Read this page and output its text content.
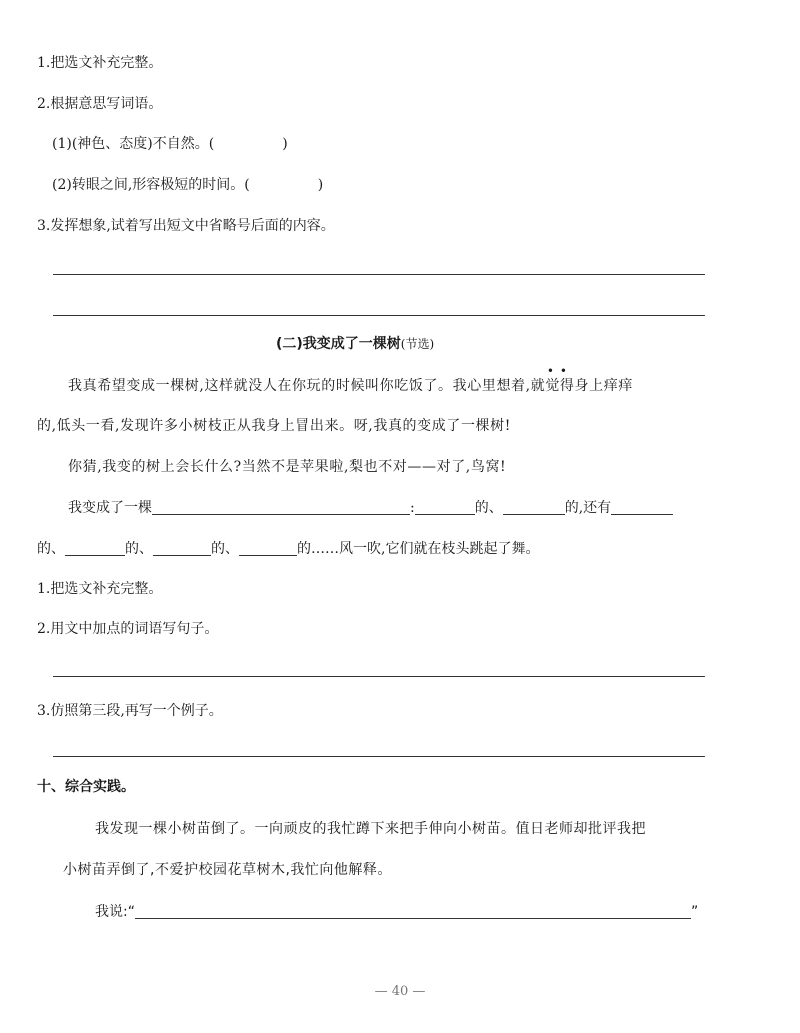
1.把选文补充完整。
2.根据意思写词语。
(1)(神色、态度)不自然。(	)
(2)转眼之间,形容极短的时间。(	)
3.发挥想象,试着写出短文中省略号后面的内容。
(二)我变成了一棵树(节选)
我真希望变成一棵树,这样就没人在你玩的时候叫你吃饭了。我心里想着,就
••
觉得身上痒痒
的,低头一看,发现许多小树枝正从我身上冒出来。呀,我真的变成了一棵树!
你猜,我变的树上会长什么?当然不是苹果啦,梨也不对——对了,鸟窝!
我变成了一棵	:	的、	的,还有
的、	的、	的、	的……风一吹,它们就在枝头跳起了舞。
1.把选文补充完整。
2.用文中加点的词语写句子。
3.仿照第三段,再写一个例子。
十、综合实践。
我发现一棵小树苗倒了。一向顽皮的我忙蹲下来把手伸向小树苗。值日老师却批评我把
小树苗弄倒了,不爱护校园花草树木,我忙向他解释。
我说:“	”
— 40 —
